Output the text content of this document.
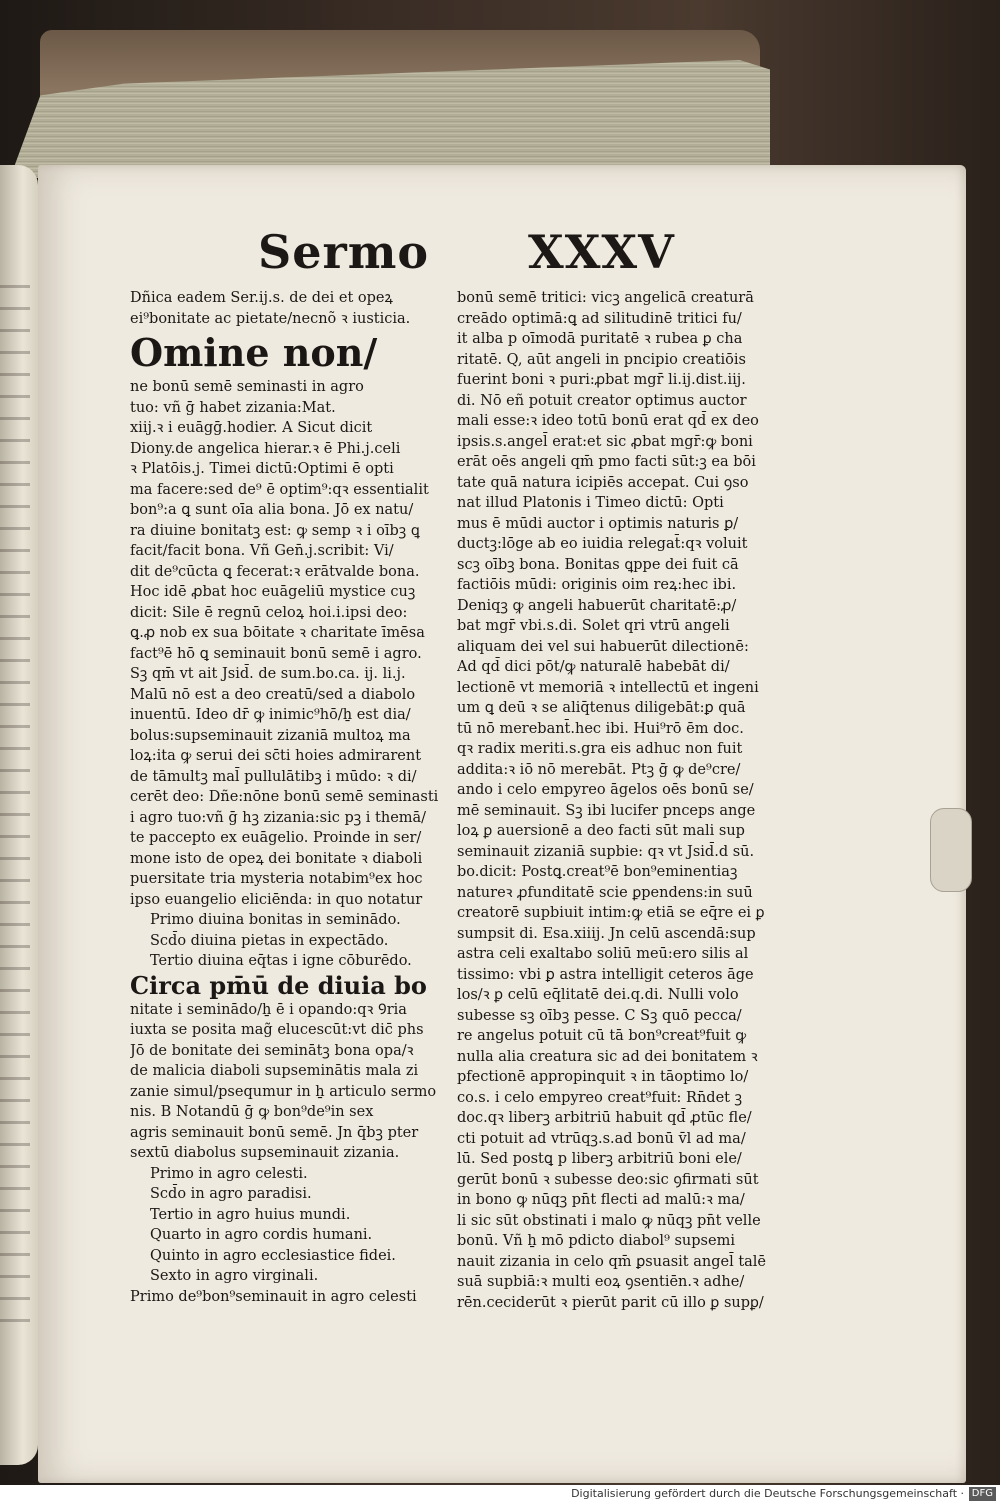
Sermo XXXV
Dñica eadem Ser.ij.s. de dei et opeꝝ
ei⁹bonitate ac pietate/necnõ ꝛ iusticia.
Omine non/
ne bonū semē seminasti in agro
tuo: vñ ḡ habet zizania:Mat.
xiij.ꝛ i euāgḡ.hodier. A Sicut dicit
Diony.de angelica hierar.ꝛ ē Phi.j.celi
ꝛ Platōis.j. Timei dictū:Optimi ē opti
ma facere:sed de⁹ ē optim⁹:qꝛ essentialit
bon⁹:a ꝗ sunt oīa alia bona. Jō ex natu/
ra diuine bonitatꝫ est: ꝙ semp ꝛ i oībꝫ ꝗ
facit/facit bona. Vñ Gen̄.j.scribit: Vi/
dit de⁹cūcta ꝗ fecerat:ꝛ erātvalde bona.
Hoc idē ꝓbat hoc euāgeliū mystice cuꝫ
dicit: Sile ē regnū celoꝝ hoi.i.ipsi deo:
ꝗ.ꝓ nob ex sua bōitate ꝛ charitate īmēsa
fact⁹ē hō ꝗ seminauit bonū semē i agro.
Sꝫ qm̄ vt ait Jsid̄. de sum.bo.ca. ij. li.j.
Malū nō est a deo creatū/sed a diabolo
inuentū. Ideo dr̄ ꝙ inimic⁹hō/ẖ est dia/
bolus:supseminauit zizaniā multoꝝ ma
loꝝ:ita ꝙ serui dei sc̄ti hoies admirarent
de tāmultꝫ mal̄ pullulātibꝫ i mūdo: ꝛ di/
cerēt deo: Dñe:nōne bonū semē seminasti
i agro tuo:vñ ḡ hꝫ zizania:sic pꝫ i themā/
te paccepto ex euāgelio. Proinde in ser/
mone isto de opeꝝ dei bonitate ꝛ diaboli
puersitate tria mysteria notabim⁹ex hoc
ipso euangelio eliciēnda: in quo notatur
Primo diuina bonitas in seminādo.
Scd̄o diuina pietas in expectādo.
Tertio diuina eq̄tas i igne cōburēdo.
Circa pm̄ū de diuia bo
nitate i seminādo/ẖ ē i opando:qꝛ Ꝯria
iuxta se posita mag̃ elucescūt:vt dic̄ phs
Jō de bonitate dei seminātꝫ bona opa/ꝛ
de malicia diaboli supseminātis mala zi
zanie simul/psequmur in ẖ articulo sermo
nis. B Notandū ḡ ꝙ bon⁹de⁹in sex
agris seminauit bonū semē. Jn q̄bꝫ pter
sextū diabolus supseminauit zizania.
Primo in agro celesti.
Scd̄o in agro paradisi.
Tertio in agro huius mundi.
Quarto in agro cordis humani.
Quinto in agro ecclesiastice fidei.
Sexto in agro virginali.
Primo de⁹bon⁹seminauit in agro celesti
bonū semē tritici: vicꝫ angelicā creaturā
creādo optimā:ꝗ ad silitudinē tritici fu/
it alba p oīmodā puritatē ꝛ rubea ꝑ cha
ritatē. Q, aūt angeli in pncipio creatiōis
fuerint boni ꝛ puri:ꝓbat mgr̄ li.ij.dist.iij.
di. Nō eñ potuit creator optimus auctor
mali esse:ꝛ ideo totū bonū erat qd̄ ex deo
ipsis.s.angel̄ erat:et sic ꝓbat mgr̄:ꝙ boni
erāt oēs angeli qm̄ pmo facti sūt:ꝫ ea bōi
tate quā natura icipiēs accepat. Cui ꝯso
nat illud Platonis i Timeo dictū: Opti
mus ē mūdi auctor i optimis naturis ꝑ/
ductꝫ:lōge ab eo iuidia relegat̄:qꝛ voluit
scꝫ oībꝫ bona. Bonitas ꝗppe dei fuit cā
factiōis mūdi: originis oim reꝝ:hec ibi.
Deniqꝫ ꝙ angeli habuerūt charitatē:ꝓ/
bat mgr̄ vbi.s.di. Solet qri vtrū angeli
aliquam dei vel sui habuerūt dilectionē:
Ad qd̄ dici pōt/ꝙ naturalē habebāt di/
lectionē vt memoriā ꝛ intellectū et ingeni
um ꝗ deū ꝛ se aliq̄tenus diligebāt:ꝑ quā
tū nō merebant̄.hec ibi. Hui⁹rō ēm doc.
qꝛ radix meriti.s.gra eis adhuc non fuit
addita:ꝛ iō nō merebāt. Ptꝫ ḡ ꝙ de⁹cre/
ando i celo empyreo āgelos oēs bonū se/
mē seminauit. Sꝫ ibi lucifer pnceps ange
loꝝ ꝑ auersionē a deo facti sūt mali sup
seminauit zizaniā supbie: qꝛ vt Jsid̄.d sū.
bo.dicit: Postꝗ.creat⁹ē bon⁹eminentiaꝫ
natureꝛ ꝓfunditatē scie ꝑpendens:in suū
creatorē supbiuit intim:ꝙ etiā se eq̄re ei ꝑ
sumpsit di. Esa.xiiij. Jn celū ascendā:sup
astra celi exaltabo soliū meū:ero silis al
tissimo: vbi ꝑ astra intelligit ceteros āge
los/ꝛ ꝑ celū eq̄litatē dei.q.di. Nulli volo
subesse sꝫ oībꝫ pesse. C Sꝫ quō pecca/
re angelus potuit cū tā bon⁹creat⁹fuit ꝙ
nulla alia creatura sic ad dei bonitatem ꝛ
pfectionē appropinquit ꝛ in tāoptimo lo/
co.s. i celo empyreo creat⁹fuit: Rn̄det ꝫ
doc.qꝛ liberꝫ arbitriū habuit qd̄ ꝓtūc fle/
cti potuit ad vtrūqꝫ.s.ad bonū v̄l ad ma/
lū. Sed postꝗ p liberꝫ arbitriū boni ele/
gerūt bonū ꝛ subesse deo:sic ꝯfirmati sūt
in bono ꝙ nūqꝫ pn̄t flecti ad malū:ꝛ ma/
li sic sūt obstinati i malo ꝙ nūqꝫ pn̄t velle
bonū. Vñ ẖ mō pdicto diabol⁹ supsemi
nauit zizania in celo qm̄ ꝑsuasit angel̄ talē
suā supbiā:ꝛ multi eoꝝ ꝯsentiēn.ꝛ adhe/
rēn.ceciderūt ꝛ pierūt parit cū illo ꝑ supꝑ/
Digitalisierung gefördert durch die Deutsche Forschungsgemeinschaft · DFG
